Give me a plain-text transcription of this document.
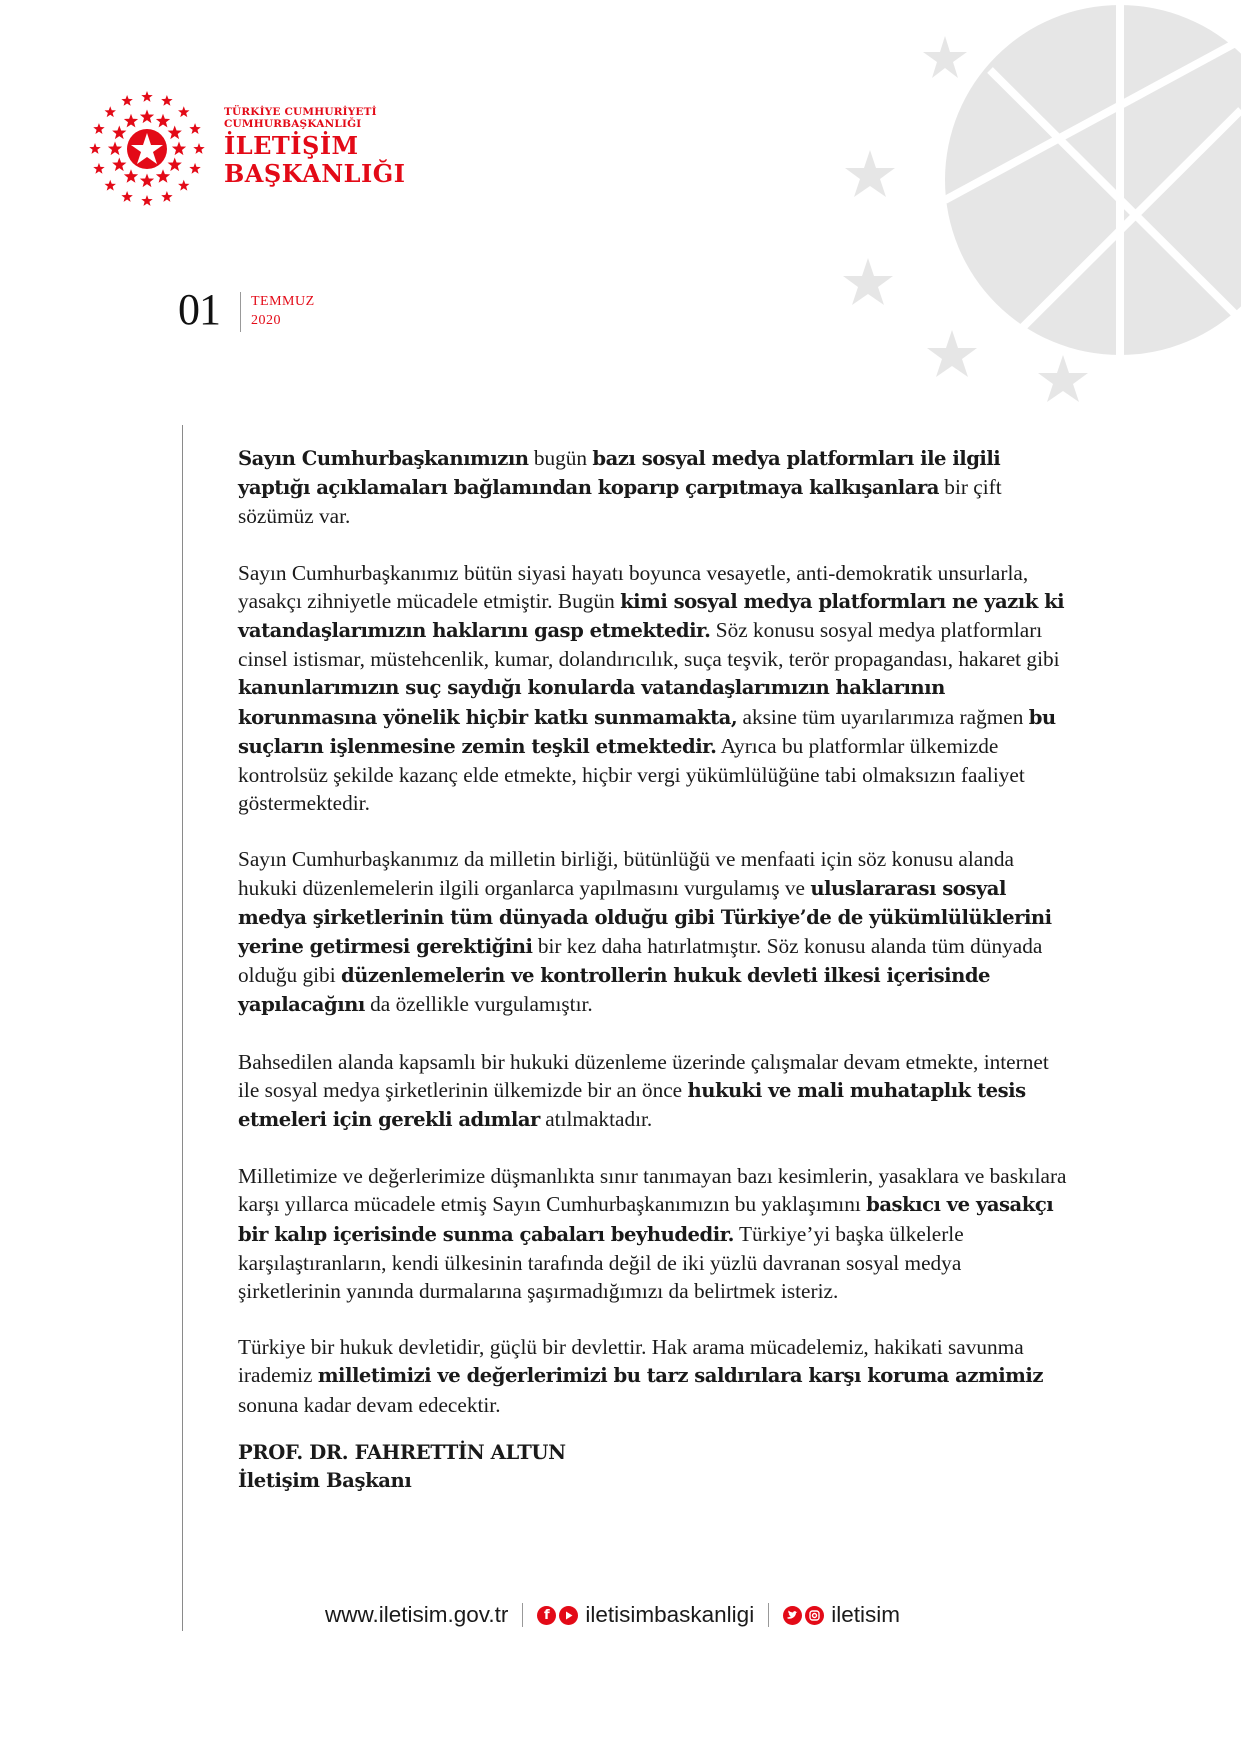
TÜRKİYE CUMHURİYETİ
CUMHURBAŞKANLIĞI
İLETİŞİM
BAŞKANLIĞI
01 TEMMUZ
2020

Sayın Cumhurbaşkanımızın bugün bazı sosyal medya platformları ile ilgili yaptığı açıklamaları bağlamından koparıp çarpıtmaya kalkışanlara bir çift sözümüz var.

Sayın Cumhurbaşkanımız bütün siyasi hayatı boyunca vesayetle, anti-demokratik unsurlarla, yasakçı zihniyetle mücadele etmiştir. Bugün kimi sosyal medya platformları ne yazık ki vatandaşlarımızın haklarını gasp etmektedir. Söz konusu sosyal medya platformları cinsel istismar, müstehcenlik, kumar, dolandırıcılık, suça teşvik, terör propagandası, hakaret gibi kanunlarımızın suç saydığı konularda vatandaşlarımızın haklarının korunmasına yönelik hiçbir katkı sunmamakta, aksine tüm uyarılarımıza rağmen bu suçların işlenmesine zemin teşkil etmektedir. Ayrıca bu platformlar ülkemizde kontrolsüz şekilde kazanç elde etmekte, hiçbir vergi yükümlülüğüne tabi olmaksızın faaliyet göstermektedir.

Sayın Cumhurbaşkanımız da milletin birliği, bütünlüğü ve menfaati için söz konusu alanda hukuki düzenlemelerin ilgili organlarca yapılmasını vurgulamış ve uluslararası sosyal medya şirketlerinin tüm dünyada olduğu gibi Türkiye’de de yükümlülüklerini yerine getirmesi gerektiğini bir kez daha hatırlatmıştır. Söz konusu alanda tüm dünyada olduğu gibi düzenlemelerin ve kontrollerin hukuk devleti ilkesi içerisinde yapılacağını da özellikle vurgulamıştır.

Bahsedilen alanda kapsamlı bir hukuki düzenleme üzerinde çalışmalar devam etmekte, internet ile sosyal medya şirketlerinin ülkemizde bir an önce hukuki ve mali muhataplık tesis etmeleri için gerekli adımlar atılmaktadır.

Milletimize ve değerlerimize düşmanlıkta sınır tanımayan bazı kesimlerin, yasaklara ve baskılara karşı yıllarca mücadele etmiş Sayın Cumhurbaşkanımızın bu yaklaşımını baskıcı ve yasakçı bir kalıp içerisinde sunma çabaları beyhudedir. Türkiye’yi başka ülkelerle karşılaştıranların, kendi ülkesinin tarafında değil de iki yüzlü davranan sosyal medya şirketlerinin yanında durmalarına şaşırmadığımızı da belirtmek isteriz.

Türkiye bir hukuk devletidir, güçlü bir devlettir. Hak arama mücadelemiz, hakikati savunma irademiz milletimizi ve değerlerimizi bu tarz saldırılara karşı koruma azmimiz sonuna kadar devam edecektir.

PROF. DR. FAHRETTİN ALTUN
İletişim Başkanı
www.iletisim.gov.tr	f iletisimbaskanligi	iletisim
